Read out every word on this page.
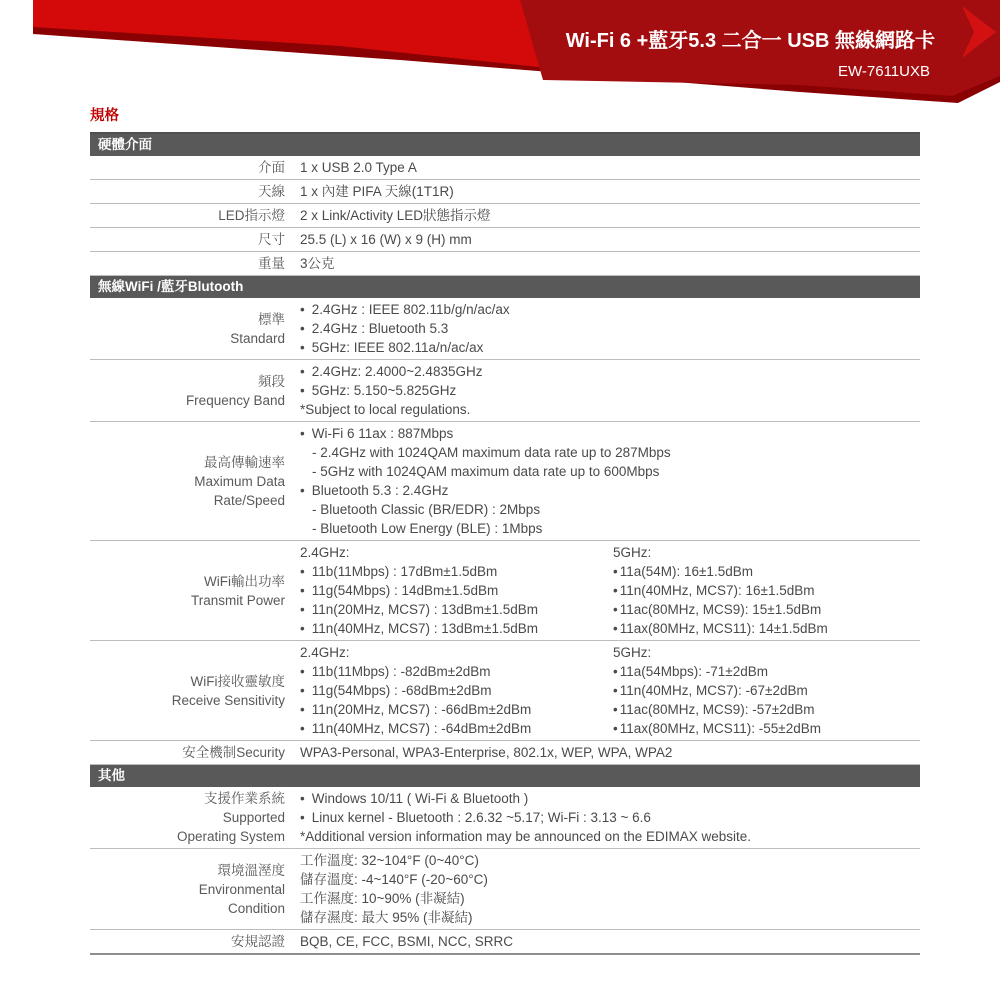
Wi-Fi 6 +藍牙5.3 二合一 USB 無線網路卡
EW-7611UXB
規格
硬體介面
介面 1 x USB 2.0 Type A
天線 1 x 內建 PIFA 天線(1T1R)
LED指示燈 2 x Link/Activity LED狀態指示燈
尺寸 25.5 (L) x 16 (W) x 9 (H) mm
重量 3公克
無線WiFi /藍牙Blutooth
標準
Standard
• 2.4GHz : IEEE 802.11b/g/n/ac/ax
• 2.4GHz : Bluetooth 5.3
• 5GHz: IEEE 802.11a/n/ac/ax
頻段
Frequency Band
• 2.4GHz: 2.4000~2.4835GHz
• 5GHz: 5.150~5.825GHz
*Subject to local regulations.
最高傳輸速率
Maximum Data
Rate/Speed
• Wi-Fi 6 11ax : 887Mbps
- 2.4GHz with 1024QAM maximum data rate up to 287Mbps
- 5GHz with 1024QAM maximum data rate up to 600Mbps
• Bluetooth 5.3 : 2.4GHz
- Bluetooth Classic (BR/EDR) : 2Mbps
- Bluetooth Low Energy (BLE) : 1Mbps
WiFi輸出功率
Transmit Power
2.4GHz:
• 11b(11Mbps) : 17dBm±1.5dBm
• 11g(54Mbps) : 14dBm±1.5dBm
• 11n(20MHz, MCS7) : 13dBm±1.5dBm
• 11n(40MHz, MCS7) : 13dBm±1.5dBm
5GHz:
• 11a(54M): 16±1.5dBm
• 11n(40MHz, MCS7): 16±1.5dBm
• 11ac(80MHz, MCS9): 15±1.5dBm
• 11ax(80MHz, MCS11): 14±1.5dBm
WiFi接收靈敏度
Receive Sensitivity
2.4GHz:
• 11b(11Mbps) : -82dBm±2dBm
• 11g(54Mbps) : -68dBm±2dBm
• 11n(20MHz, MCS7) : -66dBm±2dBm
• 11n(40MHz, MCS7) : -64dBm±2dBm
5GHz:
• 11a(54Mbps): -71±2dBm
• 11n(40MHz, MCS7): -67±2dBm
• 11ac(80MHz, MCS9): -57±2dBm
• 11ax(80MHz, MCS11): -55±2dBm
安全機制Security WPA3-Personal, WPA3-Enterprise, 802.1x, WEP, WPA, WPA2
其他
支援作業系統
Supported
Operating System
• Windows 10/11 ( Wi-Fi & Bluetooth )
• Linux kernel - Bluetooth : 2.6.32 ~5.17; Wi-Fi : 3.13 ~ 6.6
*Additional version information may be announced on the EDIMAX website.
環境溫溼度
Environmental
Condition
工作溫度: 32~104°F (0~40°C)
儲存溫度: -4~140°F (-20~60°C)
工作濕度: 10~90% (非凝結)
儲存濕度: 最大 95% (非凝結)
安規認證 BQB, CE, FCC, BSMI, NCC, SRRC
